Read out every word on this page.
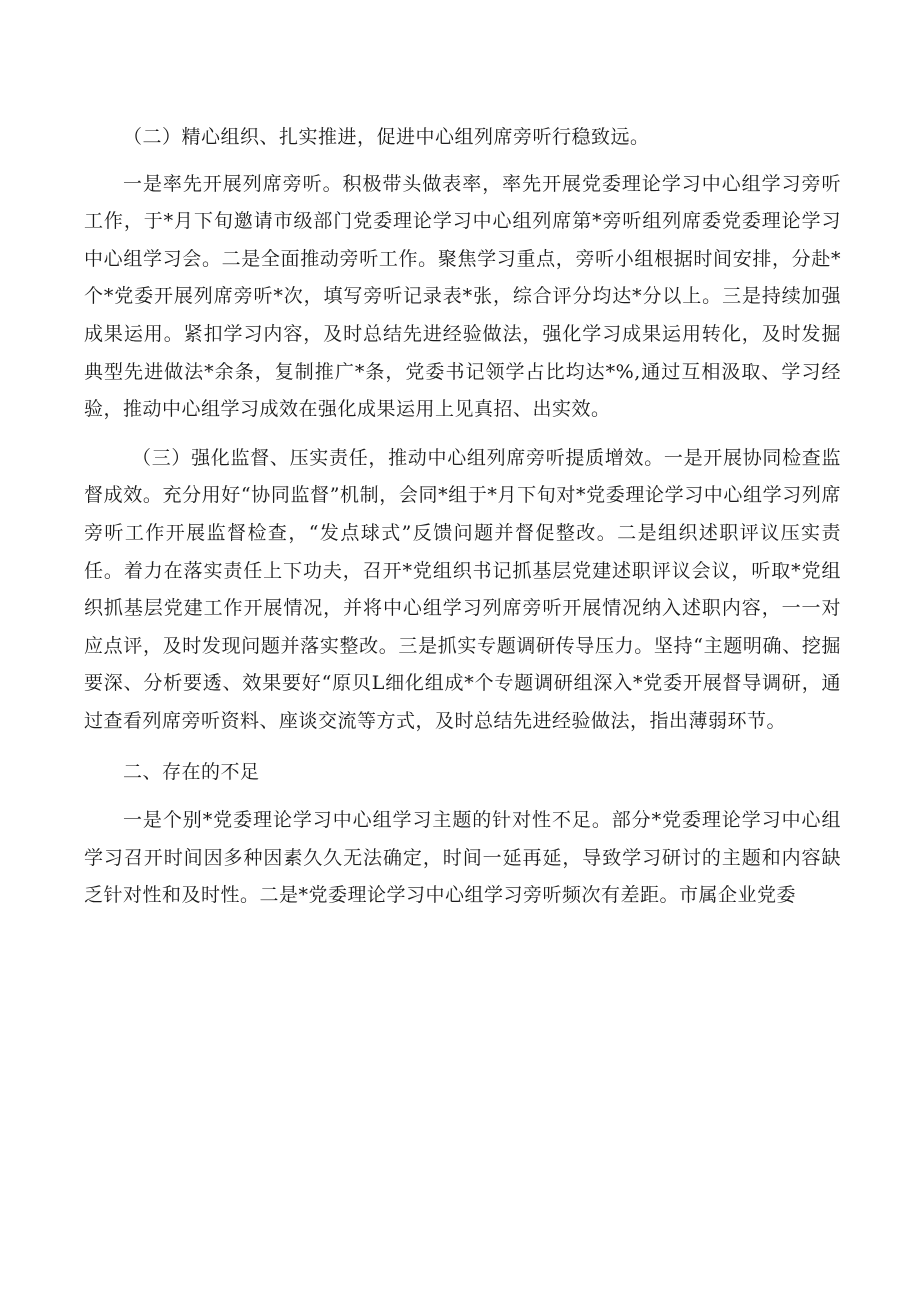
（二）精心组织、扎实推进，促进中心组列席旁听行稳致远。

一是率先开展列席旁听。积极带头做表率，率先开展党委理论学习中心组学习旁听工作，于*月下旬邀请市级部门党委理论学习中心组列席第*旁听组列席委党委理论学习中心组学习会。二是全面推动旁听工作。聚焦学习重点，旁听小组根据时间安排，分赴*个*党委开展列席旁听*次，填写旁听记录表*张，综合评分均达*分以上。三是持续加强成果运用。紧扣学习内容，及时总结先进经验做法，强化学习成果运用转化，及时发掘典型先进做法*余条，复制推广*条，党委书记领学占比均达*%,通过互相汲取、学习经验，推动中心组学习成效在强化成果运用上见真招、出实效。

（三）强化监督、压实责任，推动中心组列席旁听提质增效。一是开展协同检查监督成效。充分用好“协同监督”机制，会同*组于*月下旬对*党委理论学习中心组学习列席旁听工作开展监督检查，“发点球式”反馈问题并督促整改。二是组织述职评议压实责任。着力在落实责任上下功夫，召开*党组织书记抓基层党建述职评议会议，听取*党组织抓基层党建工作开展情况，并将中心组学习列席旁听开展情况纳入述职内容，一一对应点评，及时发现问题并落实整改。三是抓实专题调研传导压力。坚持“主题明确、挖掘要深、分析要透、效果要好“原贝L细化组成*个专题调研组深入*党委开展督导调研，通过查看列席旁听资料、座谈交流等方式，及时总结先进经验做法，指出薄弱环节。

二、存在的不足

一是个别*党委理论学习中心组学习主题的针对性不足。部分*党委理论学习中心组学习召开时间因多种因素久久无法确定，时间一延再延，导致学习研讨的主题和内容缺乏针对性和及时性。二是*党委理论学习中心组学习旁听频次有差距。市属企业党委
